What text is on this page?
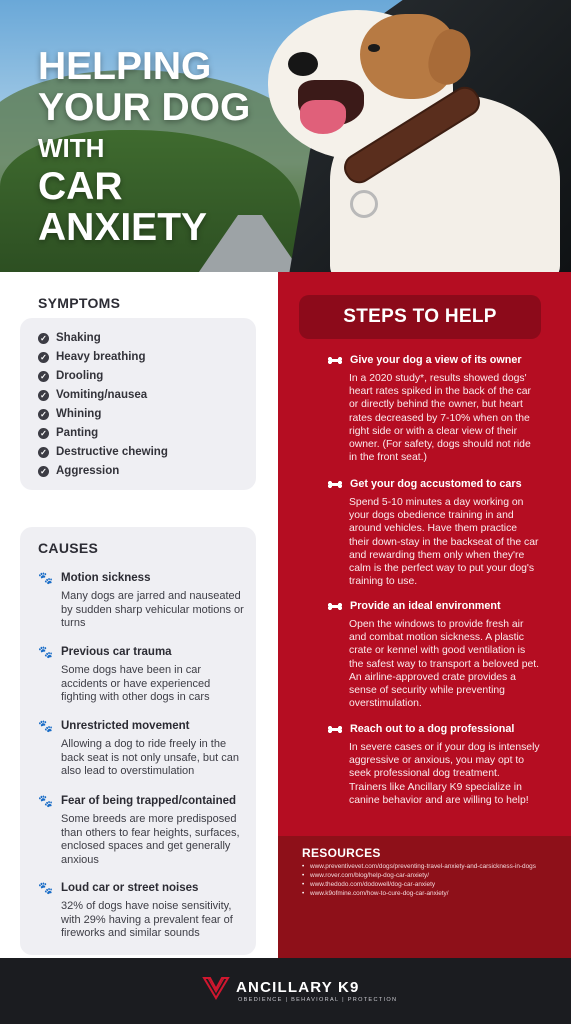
HELPING
YOUR DOG
WITH
CAR
ANXIETY
SYMPTOMS
✓ Shaking
✓ Heavy breathing
✓ Drooling
✓ Vomiting/nausea
✓ Whining
✓ Panting
✓ Destructive chewing
✓ Aggression
CAUSES
🐾 Motion sickness
Many dogs are jarred and nauseated by sudden sharp vehicular motions or turns
🐾 Previous car trauma
Some dogs have been in car accidents or have experienced fighting with other dogs in cars
🐾 Unrestricted movement
Allowing a dog to ride freely in the back seat is not only unsafe, but can also lead to overstimulation
🐾 Fear of being trapped/contained
Some breeds are more predisposed than others to fear heights, surfaces, enclosed spaces and get generally anxious
🐾 Loud car or street noises
32% of dogs have noise sensitivity, with 29% having a prevalent fear of fireworks and similar sounds
STEPS TO HELP
Give your dog a view of its owner
In a 2020 study*, results showed dogs' heart rates spiked in the back of the car or directly behind the owner, but heart rates decreased by 7-10% when on the right side or with a clear view of their owner. (For safety, dogs should not ride in the front seat.)
Get your dog accustomed to cars
Spend 5-10 minutes a day working on your dogs obedience training in and around vehicles. Have them practice their down-stay in the backseat of the car and rewarding them only when they're calm is the perfect way to put your dog's training to use.
Provide an ideal environment
Open the windows to provide fresh air and combat motion sickness. A plastic crate or kennel with good ventilation is the safest way to transport a beloved pet. An airline-approved crate provides a sense of security while preventing overstimulation.
Reach out to a dog professional
In severe cases or if your dog is intensely aggressive or anxious, you may opt to seek professional dog treatment. Trainers like Ancillary K9 specialize in canine behavior and are willing to help!
RESOURCES
• www.preventivevet.com/dogs/preventing-travel-anxiety-and-carsickness-in-dogs
• www.rover.com/blog/help-dog-car-anxiety/
• www.thedodo.com/dodowell/dog-car-anxiety
• www.k9ofmine.com/how-to-cure-dog-car-anxiety/
ANCILLARY K9
OBEDIENCE | BEHAVIORAL | PROTECTION
